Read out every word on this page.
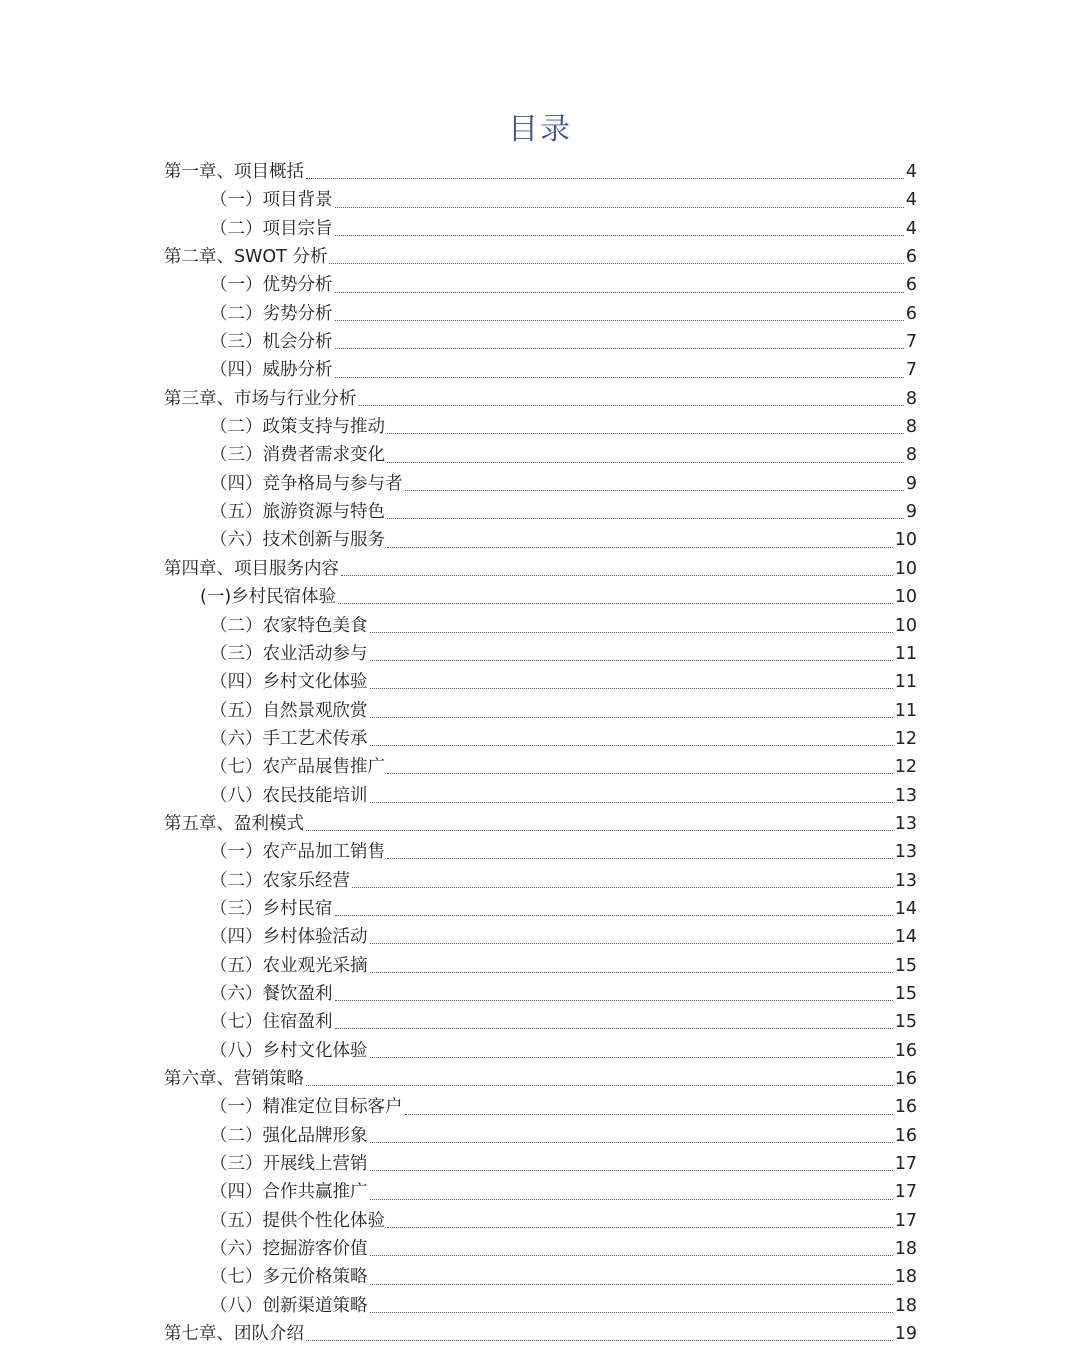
目录
第一章、项目概括	4
（一）项目背景	4
（二）项目宗旨	4
第二章、SWOT 分析	6
（一）优势分析	6
（二）劣势分析	6
（三）机会分析	7
（四）威胁分析	7
第三章、市场与行业分析	8
（二）政策支持与推动	8
（三）消费者需求变化	8
（四）竞争格局与参与者	9
（五）旅游资源与特色	9
（六）技术创新与服务	10
第四章、项目服务内容	10
(一)乡村民宿体验	10
（二）农家特色美食	10
（三）农业活动参与	11
（四）乡村文化体验	11
（五）自然景观欣赏	11
（六）手工艺术传承	12
（七）农产品展售推广	12
（八）农民技能培训	13
第五章、盈利模式	13
（一）农产品加工销售	13
（二）农家乐经营	13
（三）乡村民宿	14
（四）乡村体验活动	14
（五）农业观光采摘	15
（六）餐饮盈利	15
（七）住宿盈利	15
（八）乡村文化体验	16
第六章、营销策略	16
（一）精准定位目标客户	16
（二）强化品牌形象	16
（三）开展线上营销	17
（四）合作共赢推广	17
（五）提供个性化体验	17
（六）挖掘游客价值	18
（七）多元价格策略	18
（八）创新渠道策略	18
第七章、团队介绍	19
